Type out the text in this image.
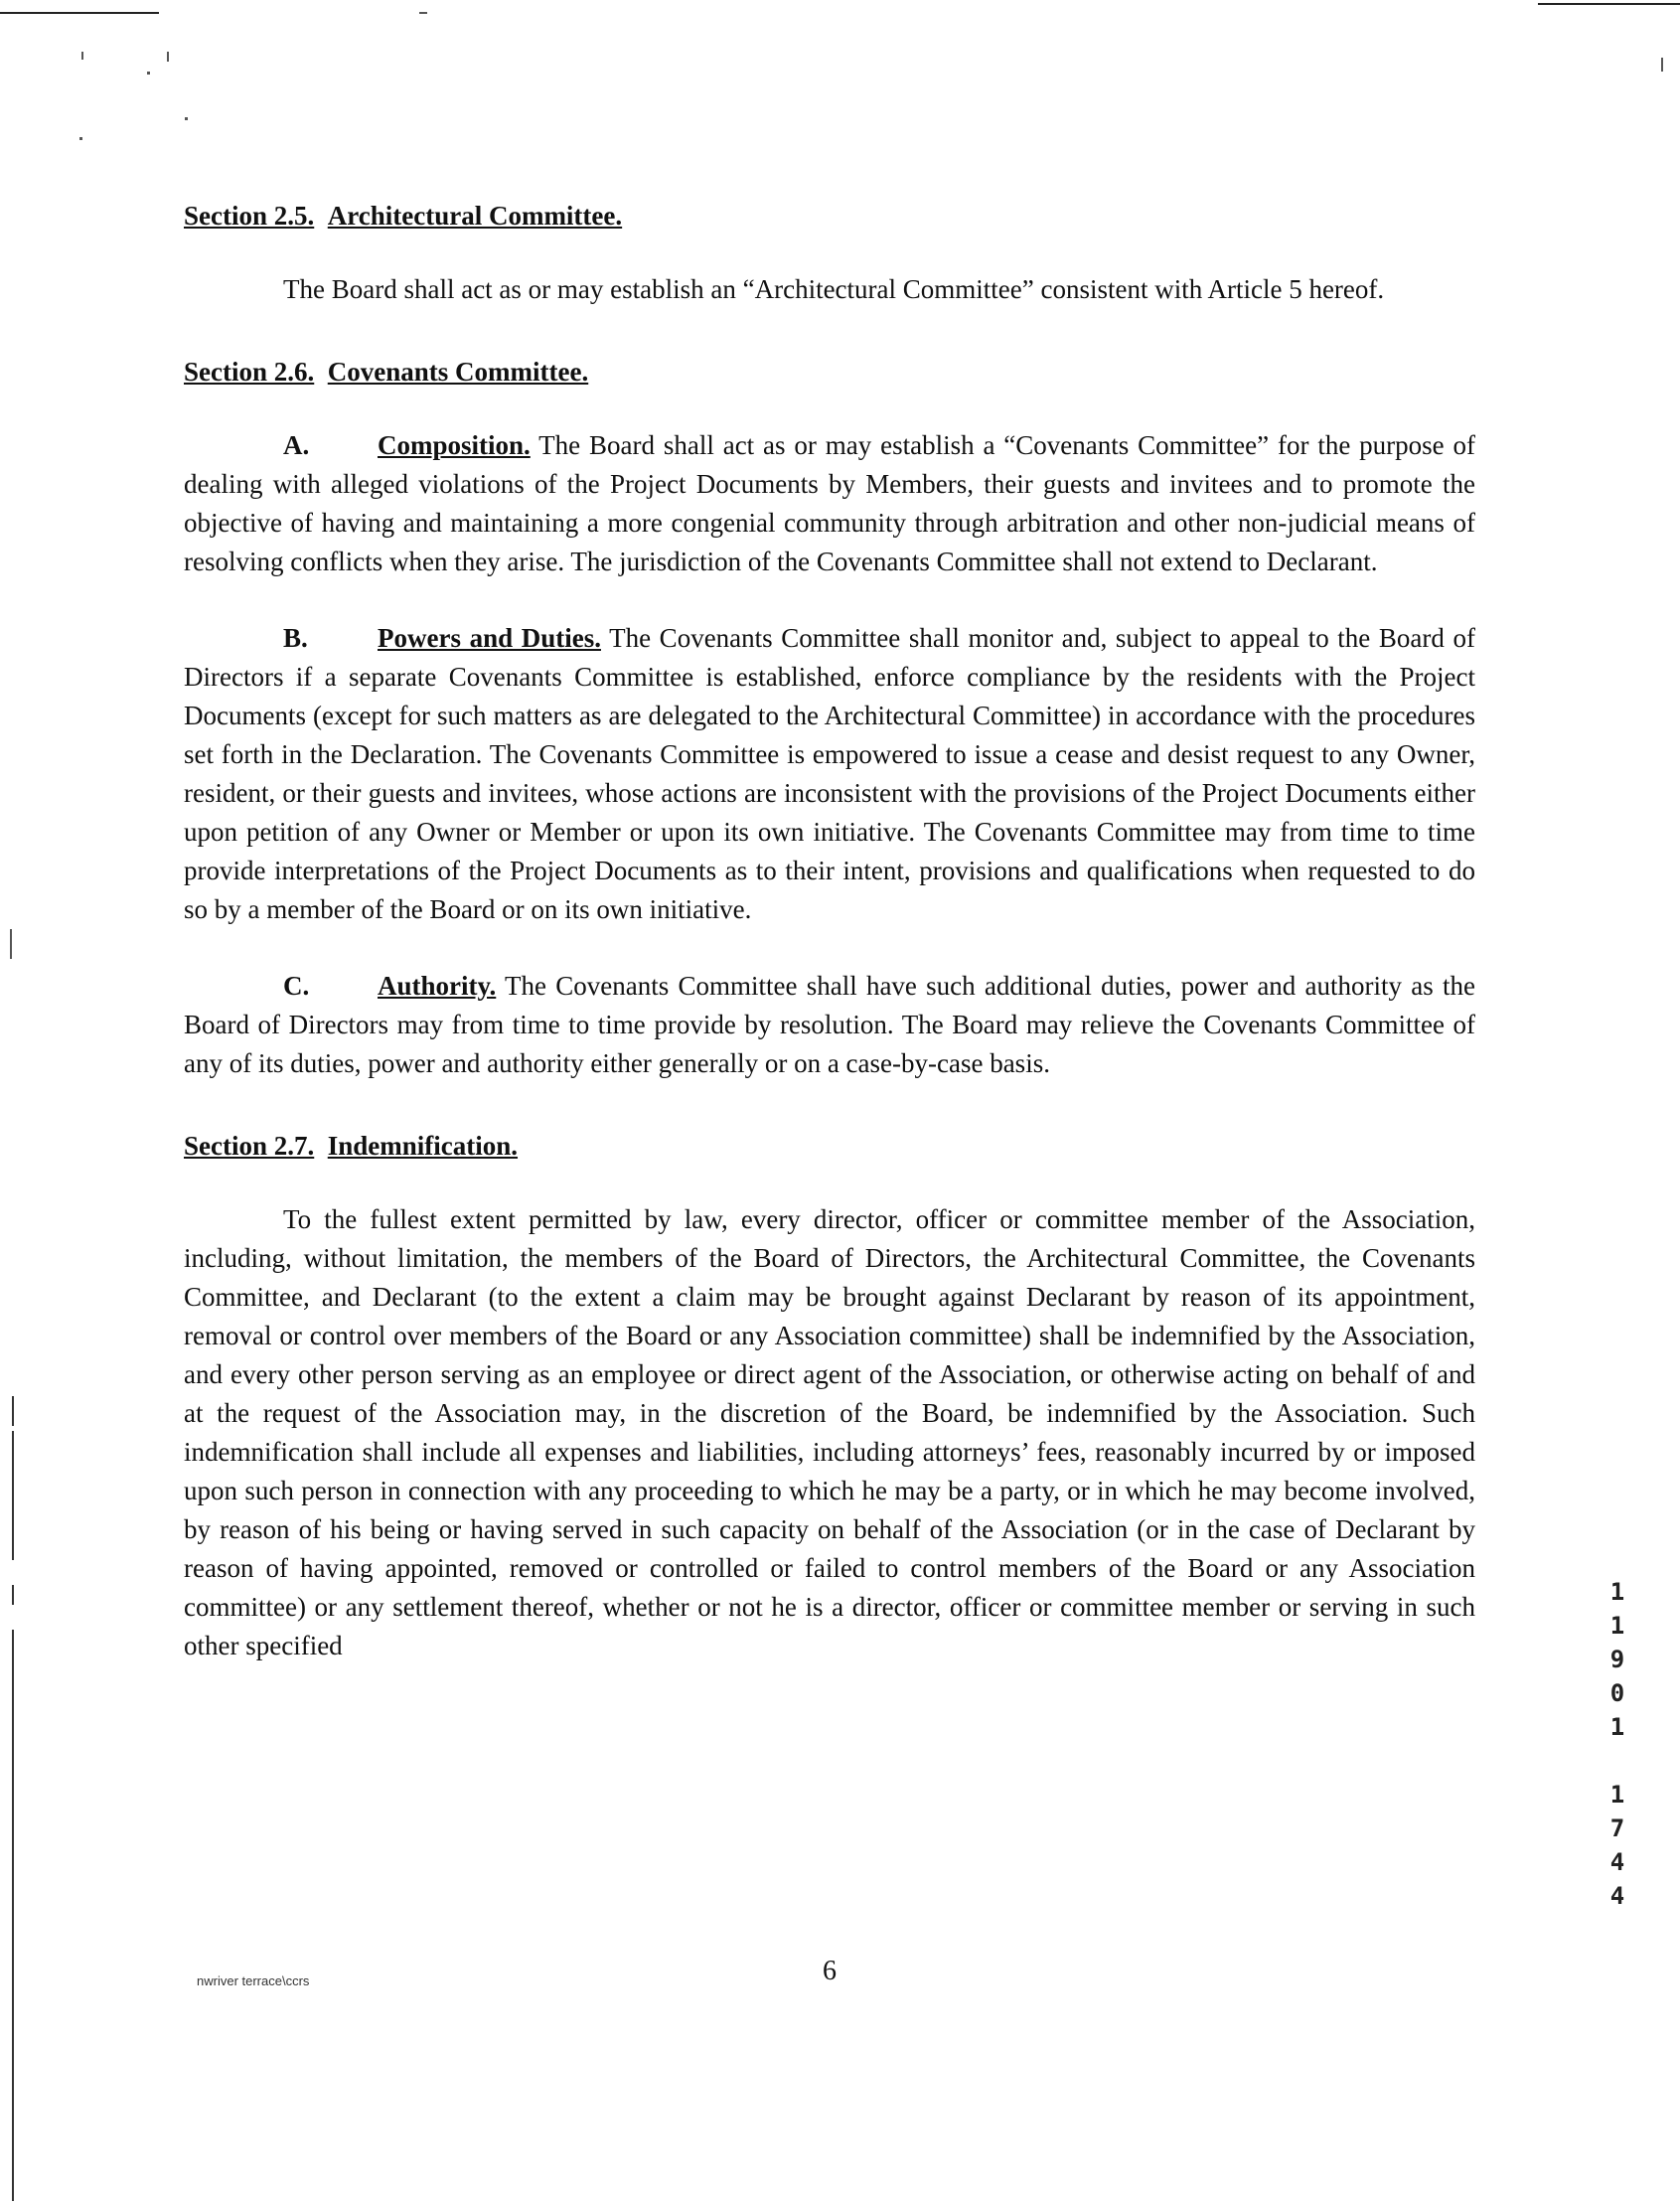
Section 2.5. Architectural Committee.

The Board shall act as or may establish an “Architectural Committee” consistent with Article 5 hereof.

Section 2.6. Covenants Committee.

A.	Composition. The Board shall act as or may establish a “Covenants Committee” for the purpose of dealing with alleged violations of the Project Documents by Members, their guests and invitees and to promote the objective of having and maintaining a more congenial community through arbitration and other non-judicial means of resolving conflicts when they arise. The jurisdiction of the Covenants Committee shall not extend to Declarant.

B.	Powers and Duties. The Covenants Committee shall monitor and, subject to appeal to the Board of Directors if a separate Covenants Committee is established, enforce compliance by the residents with the Project Documents (except for such matters as are delegated to the Architectural Committee) in accordance with the procedures set forth in the Declaration. The Covenants Committee is empowered to issue a cease and desist request to any Owner, resident, or their guests and invitees, whose actions are inconsistent with the provisions of the Project Documents either upon petition of any Owner or Member or upon its own initiative. The Covenants Committee may from time to time provide interpretations of the Project Documents as to their intent, provisions and qualifications when requested to do so by a member of the Board or on its own initiative.

C.	Authority. The Covenants Committee shall have such additional duties, power and authority as the Board of Directors may from time to time provide by resolution. The Board may relieve the Covenants Committee of any of its duties, power and authority either generally or on a case-by-case basis.

Section 2.7. Indemnification.

To the fullest extent permitted by law, every director, officer or committee member of the Association, including, without limitation, the members of the Board of Directors, the Architectural Committee, the Covenants Committee, and Declarant (to the extent a claim may be brought against Declarant by reason of its appointment, removal or control over members of the Board or any Association committee) shall be indemnified by the Association, and every other person serving as an employee or direct agent of the Association, or otherwise acting on behalf of and at the request of the Association may, in the discretion of the Board, be indemnified by the Association. Such indemnification shall include all expenses and liabilities, including attorneys’ fees, reasonably incurred by or imposed upon such person in connection with any proceeding to which he may be a party, or in which he may become involved, by reason of his being or having served in such capacity on behalf of the Association (or in the case of Declarant by reason of having appointed, removed or controlled or failed to control members of the Board or any Association committee) or any settlement thereof, whether or not he is a director, officer or committee member or serving in such other specified

1
1
9
0
1

1
7
4
4
6
nwriver terrace\ccrs
